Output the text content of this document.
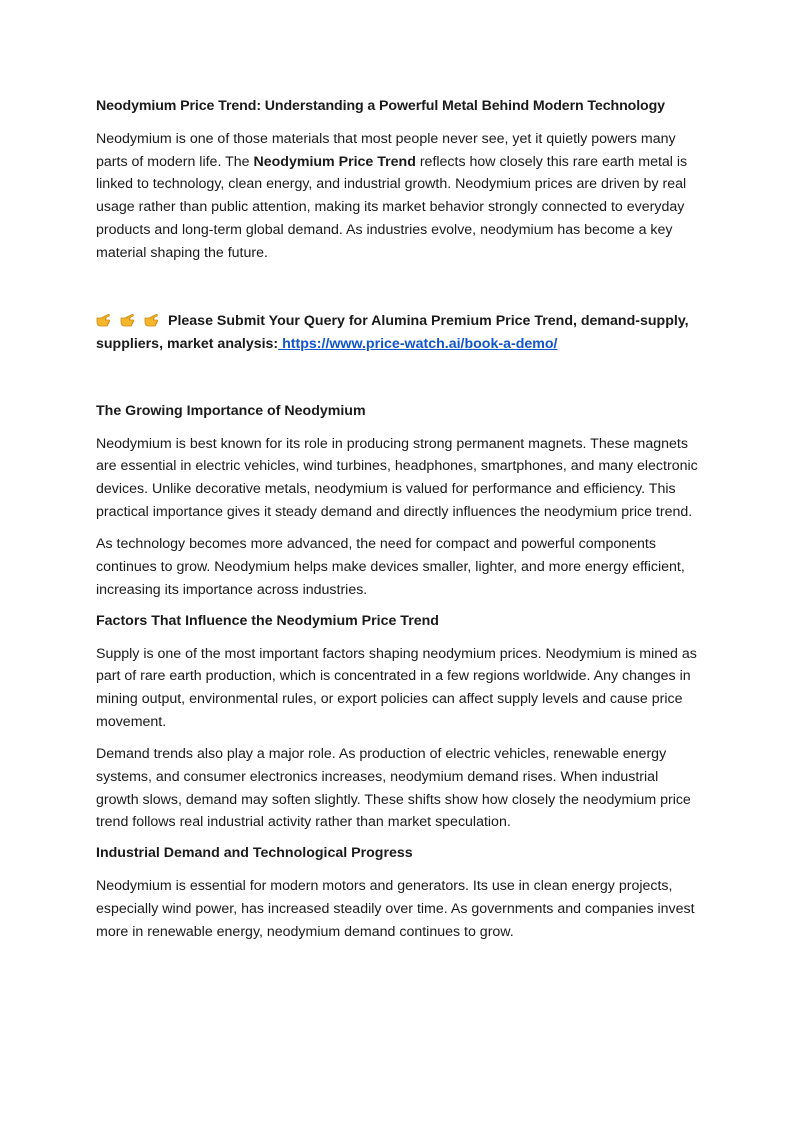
Neodymium Price Trend: Understanding a Powerful Metal Behind Modern Technology

Neodymium is one of those materials that most people never see, yet it quietly powers many parts of modern life. The Neodymium Price Trend reflects how closely this rare earth metal is linked to technology, clean energy, and industrial growth. Neodymium prices are driven by real usage rather than public attention, making its market behavior strongly connected to everyday products and long-term global demand. As industries evolve, neodymium has become a key material shaping the future.

Please Submit Your Query for Alumina Premium Price Trend, demand-supply, suppliers, market analysis: https://www.price-watch.ai/book-a-demo/

The Growing Importance of Neodymium

Neodymium is best known for its role in producing strong permanent magnets. These magnets are essential in electric vehicles, wind turbines, headphones, smartphones, and many electronic devices. Unlike decorative metals, neodymium is valued for performance and efficiency. This practical importance gives it steady demand and directly influences the neodymium price trend.

As technology becomes more advanced, the need for compact and powerful components continues to grow. Neodymium helps make devices smaller, lighter, and more energy efficient, increasing its importance across industries.

Factors That Influence the Neodymium Price Trend

Supply is one of the most important factors shaping neodymium prices. Neodymium is mined as part of rare earth production, which is concentrated in a few regions worldwide. Any changes in mining output, environmental rules, or export policies can affect supply levels and cause price movement.

Demand trends also play a major role. As production of electric vehicles, renewable energy systems, and consumer electronics increases, neodymium demand rises. When industrial growth slows, demand may soften slightly. These shifts show how closely the neodymium price trend follows real industrial activity rather than market speculation.

Industrial Demand and Technological Progress

Neodymium is essential for modern motors and generators. Its use in clean energy projects, especially wind power, has increased steadily over time. As governments and companies invest more in renewable energy, neodymium demand continues to grow.
